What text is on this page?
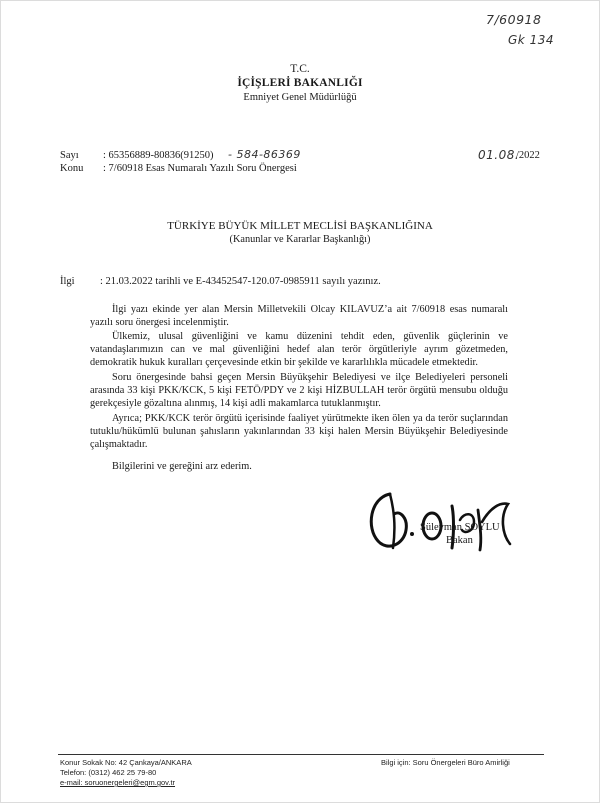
7/60918
Gk 134
T.C.
İÇİŞLERİ BAKANLIĞI
Emniyet Genel Müdürlüğü
Sayı : 65356889-80836(91250) - 584-86369	01.08.
/2022
Konu : 7/60918 Esas Numaralı Yazılı Soru Önergesi
TÜRKİYE BÜYÜK MİLLET MECLİSİ BAŞKANLIĞINA
(Kanunlar ve Kararlar Başkanlığı)
İlgi : 21.03.2022 tarihli ve E-43452547-120.07-0985911 sayılı yazınız.
İlgi yazı ekinde yer alan Mersin Milletvekili Olcay KILAVUZ’a ait 7/60918 esas numaralı yazılı soru önergesi incelenmiştir.
Ülkemiz, ulusal güvenliğini ve kamu düzenini tehdit eden, güvenlik güçlerinin ve vatandaşlarımızın can ve mal güvenliğini hedef alan terör örgütleriyle ayrım gözetmeden, demokratik hukuk kuralları çerçevesinde etkin bir şekilde ve kararlılıkla mücadele etmektedir.
Soru önergesinde bahsi geçen Mersin Büyükşehir Belediyesi ve ilçe Belediyeleri personeli arasında 33 kişi PKK/KCK, 5 kişi FETÖ/PDY ve 2 kişi HİZBULLAH terör örgütü mensubu olduğu gerekçesiyle gözaltına alınmış, 14 kişi adli makamlarca tutuklanmıştır.
Ayrıca; PKK/KCK terör örgütü içerisinde faaliyet yürütmekte iken ölen ya da terör suçlarından tutuklu/hükümlü bulunan şahısların yakınlarından 33 kişi halen Mersin Büyükşehir Belediyesinde çalışmaktadır.
Bilgilerini ve gereğini arz ederim.
Süleyman SOYLU
Bakan
Konur Sokak No: 42 Çankaya/ANKARA
Telefon: (0312) 462 25 79-80
e-mail: soruonergeleri@egm.gov.tr
Bilgi için: Soru Önergeleri Büro Amirliği
